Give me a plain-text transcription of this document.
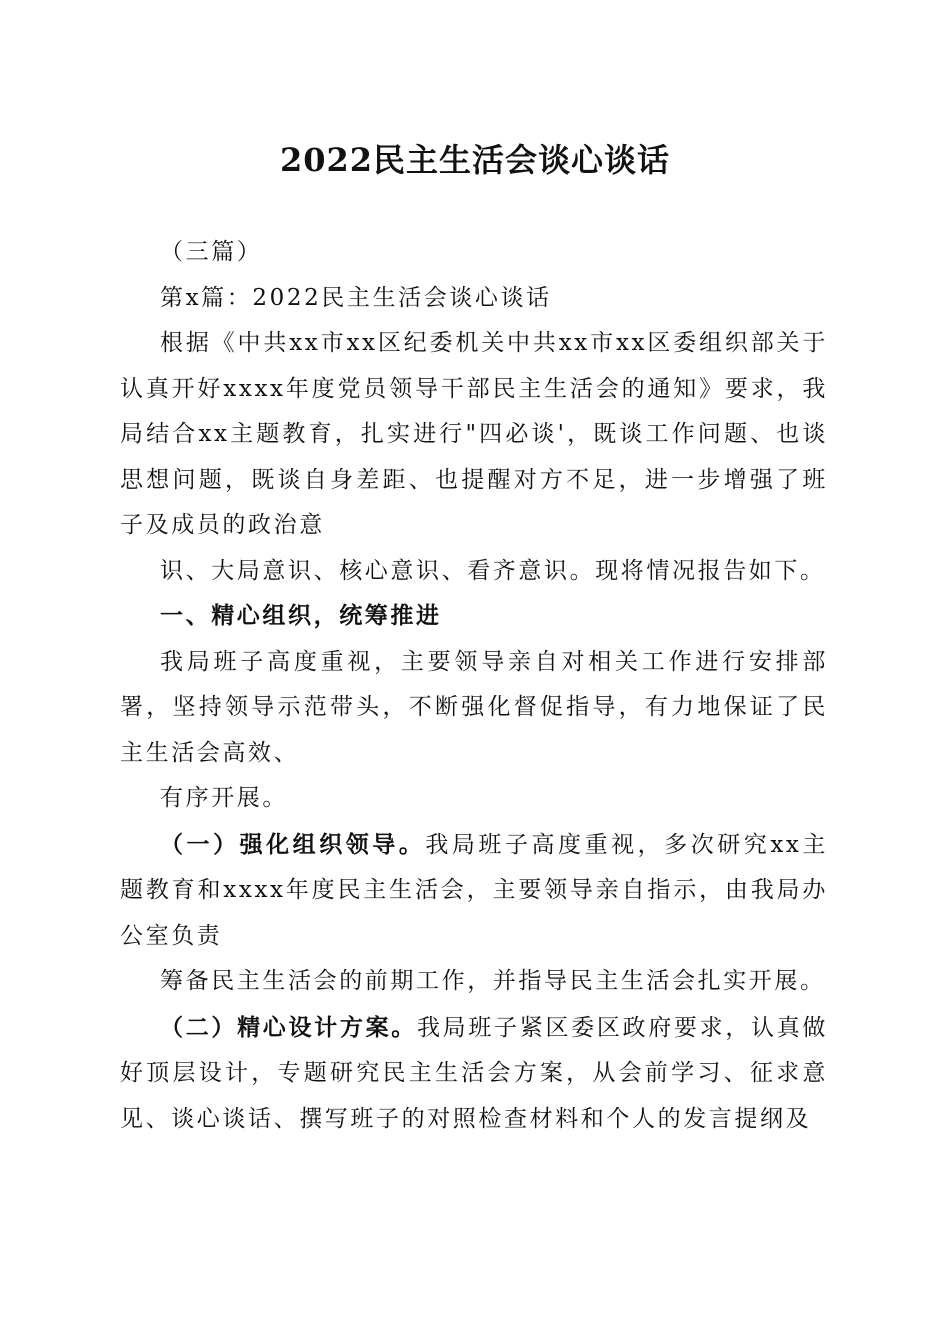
2022民主生活会谈心谈话

（三篇）

第x篇：2022民主生活会谈心谈话

根据《中共xx市xx区纪委机关中共xx市xx区委组织部关于认真开好xxxx年度党员领导干部民主生活会的通知》要求，我局结合xx主题教育，扎实进行"四必谈'，既谈工作问题、也谈思想问题，既谈自身差距、也提醒对方不足，进一步增强了班子及成员的政治意

识、大局意识、核心意识、看齐意识。现将情况报告如下。

一、精心组织，统筹推进

我局班子高度重视，主要领导亲自对相关工作进行安排部署，坚持领导示范带头，不断强化督促指导，有力地保证了民主生活会高效、

有序开展。

（一）强化组织领导。我局班子高度重视，多次研究xx主题教育和xxxx年度民主生活会，主要领导亲自指示，由我局办公室负责

筹备民主生活会的前期工作，并指导民主生活会扎实开展。

（二）精心设计方案。我局班子紧区委区政府要求，认真做好顶层设计，专题研究民主生活会方案，从会前学习、征求意见、谈心谈话、撰写班子的对照检查材料和个人的发言提纲及
